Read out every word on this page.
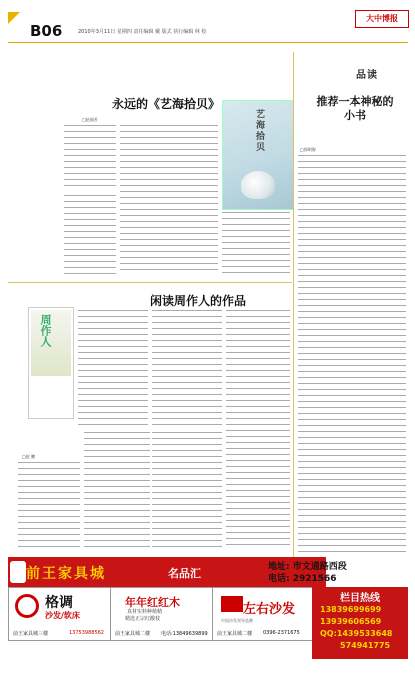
B06	2010年3月11日 星期四 责任编辑 戴 版式 执行编辑 林 校
大中博报
品读
永远的《艺海拾贝》
□赵丽芳	艺海拾贝
推荐一本神秘的小书
□郭明海
闲读周作人的作品
周作人
□赵 鹏
前王家具城	名品汇	地址: 市文通路西段
电话: 2921566
格调
沙发/软床
前王家具城三楼	13753988562
年年红红木
真材实料种植精
精选正宗红酸枝
前王家具城二楼 电话:13849639899
左右沙发
中国沙发领导品牌
前王家具城二楼 0396-2371675
栏目热线
13839699699
13939606569
QQ:1439533648
574941775
